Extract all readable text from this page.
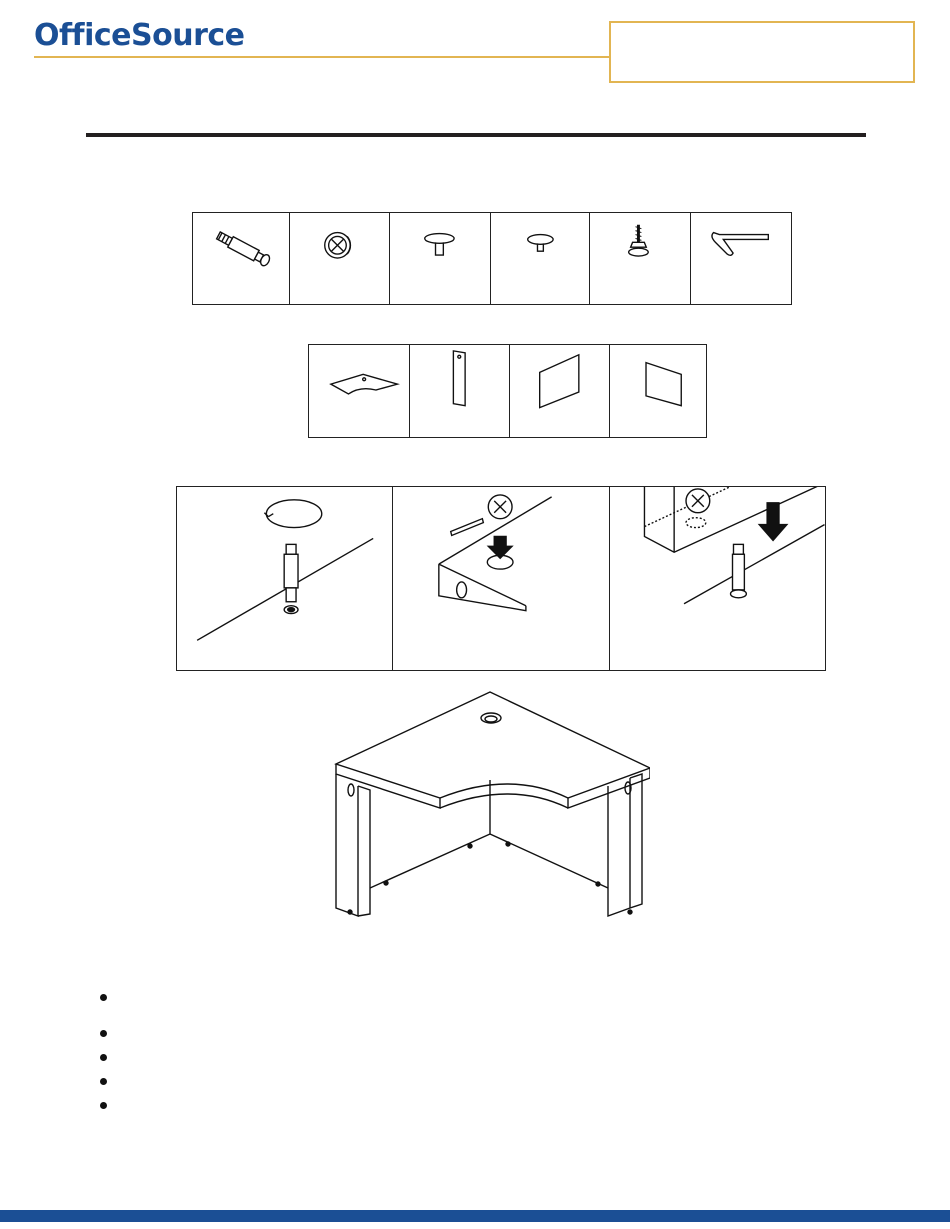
OfficeSource
